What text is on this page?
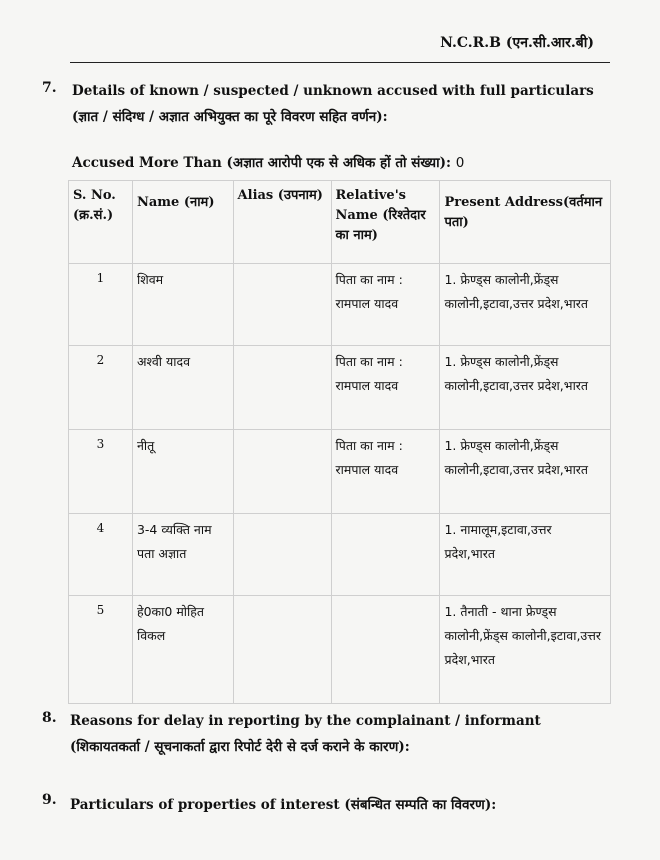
N.C.R.B (एन.सी.आर.बी)
7. Details of known / suspected / unknown accused with full particulars (ज्ञात / संदिग्ध / अज्ञात अभियुक्त का पूरे विवरण सहित वर्णन):
Accused More Than (अज्ञात आरोपी एक से अधिक हों तो संख्या): 0
S. No. (क्र.सं.)	Name (नाम)	Alias (उपनाम)	Relative's Name (रिश्तेदार का नाम)	Present Address(वर्तमान पता)
1	शिवम		पिता का नाम : रामपाल यादव	1. फ्रेण्ड्स कालोनी,फ्रेंड्स कालोनी,इटावा,उत्तर प्रदेश,भारत
2	अश्वी यादव		पिता का नाम : रामपाल यादव	1. फ्रेण्ड्स कालोनी,फ्रेंड्स कालोनी,इटावा,उत्तर प्रदेश,भारत
3	नीतू		पिता का नाम : रामपाल यादव	1. फ्रेण्ड्स कालोनी,फ्रेंड्स कालोनी,इटावा,उत्तर प्रदेश,भारत
4	3-4 व्यक्ति नाम पता अज्ञात			1. नामालूम,इटावा,उत्तर प्रदेश,भारत
5	हे0का0 मोहित विकल			1. तैनाती - थाना फ्रेण्ड्स कालोनी,फ्रेंड्स कालोनी,इटावा,उत्तर प्रदेश,भारत
8. Reasons for delay in reporting by the complainant / informant (शिकायतकर्ता / सूचनाकर्ता द्वारा रिपोर्ट देरी से दर्ज कराने के कारण):
9. Particulars of properties of interest (संबन्धित सम्पति का विवरण):
